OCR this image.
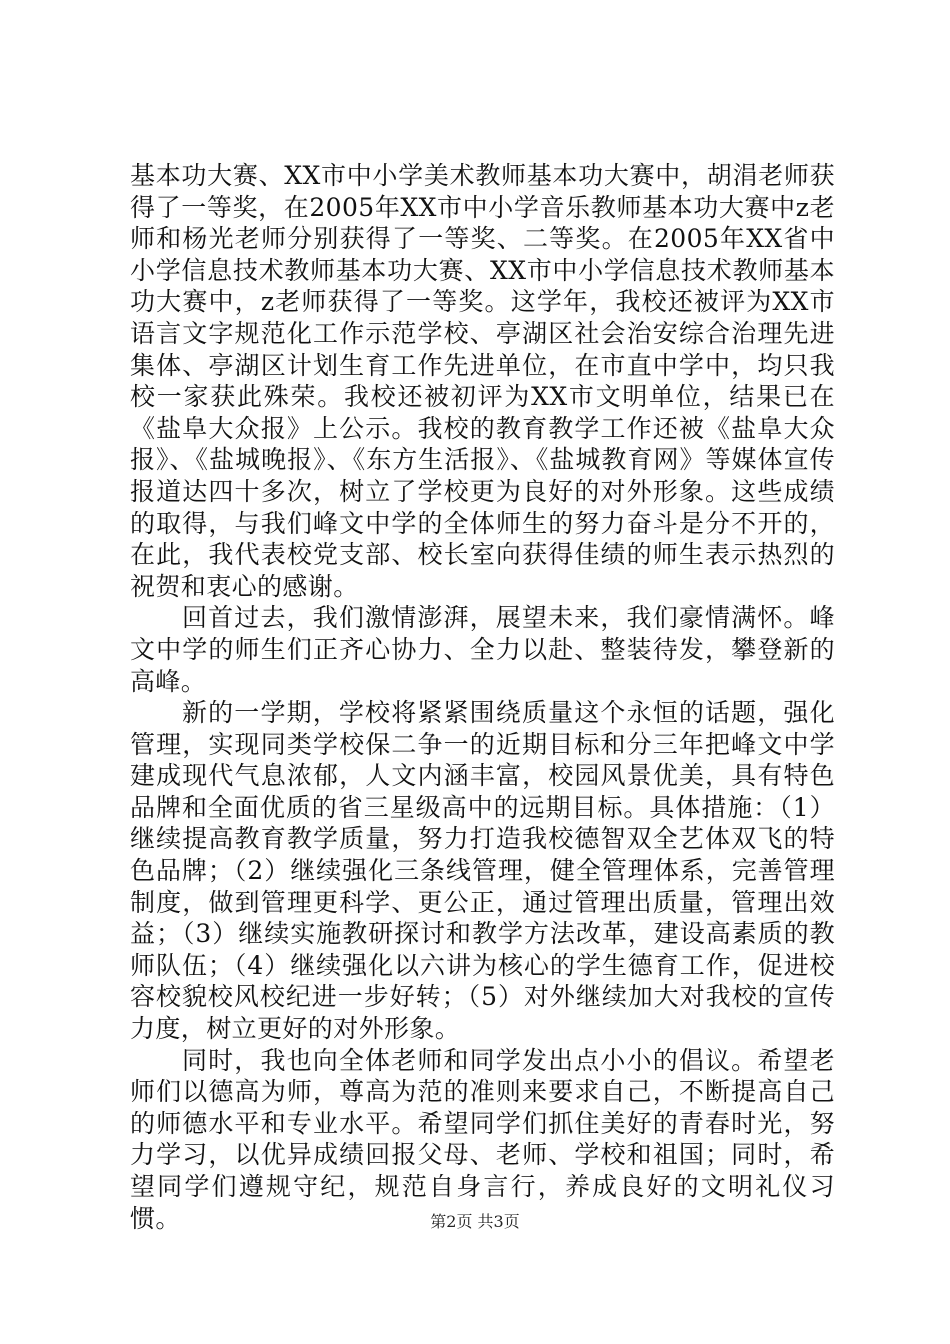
基本功大赛、XX市中小学美术教师基本功大赛中，胡涓老师获得了一等奖，在2005年XX市中小学音乐教师基本功大赛中z老师和杨光老师分别获得了一等奖、二等奖。在2005年XX省中小学信息技术教师基本功大赛、XX市中小学信息技术教师基本功大赛中，z老师获得了一等奖。这学年，我校还被评为XX市语言文字规范化工作示范学校、亭湖区社会治安综合治理先进集体、亭湖区计划生育工作先进单位，在市直中学中，均只我校一家获此殊荣。我校还被初评为XX市文明单位，结果已在《盐阜大众报》上公示。我校的教育教学工作还被《盐阜大众报》、《盐城晚报》、《东方生活报》、《盐城教育网》等媒体宣传报道达四十多次，树立了学校更为良好的对外形象。这些成绩的取得，与我们峰文中学的全体师生的努力奋斗是分不开的，在此，我代表校党支部、校长室向获得佳绩的师生表示热烈的祝贺和衷心的感谢。

回首过去，我们激情澎湃，展望未来，我们豪情满怀。峰文中学的师生们正齐心协力、全力以赴、整装待发，攀登新的高峰。

新的一学期，学校将紧紧围绕质量这个永恒的话题，强化管理，实现同类学校保二争一的近期目标和分三年把峰文中学建成现代气息浓郁，人文内涵丰富，校园风景优美，具有特色品牌和全面优质的省三星级高中的远期目标。具体措施：（1）继续提高教育教学质量，努力打造我校德智双全艺体双飞的特色品牌；（2）继续强化三条线管理，健全管理体系，完善管理制度，做到管理更科学、更公正，通过管理出质量，管理出效益；（3）继续实施教研探讨和教学方法改革，建设高素质的教师队伍；（4）继续强化以六讲为核心的学生德育工作，促进校容校貌校风校纪进一步好转；（5）对外继续加大对我校的宣传力度，树立更好的对外形象。

同时，我也向全体老师和同学发出点小小的倡议。希望老师们以德高为师，尊高为范的准则来要求自己，不断提高自己的师德水平和专业水平。希望同学们抓住美好的青春时光，努力学习，以优异成绩回报父母、老师、学校和祖国；同时，希望同学们遵规守纪，规范自身言行，养成良好的文明礼仪习惯。	第2页 共3页
